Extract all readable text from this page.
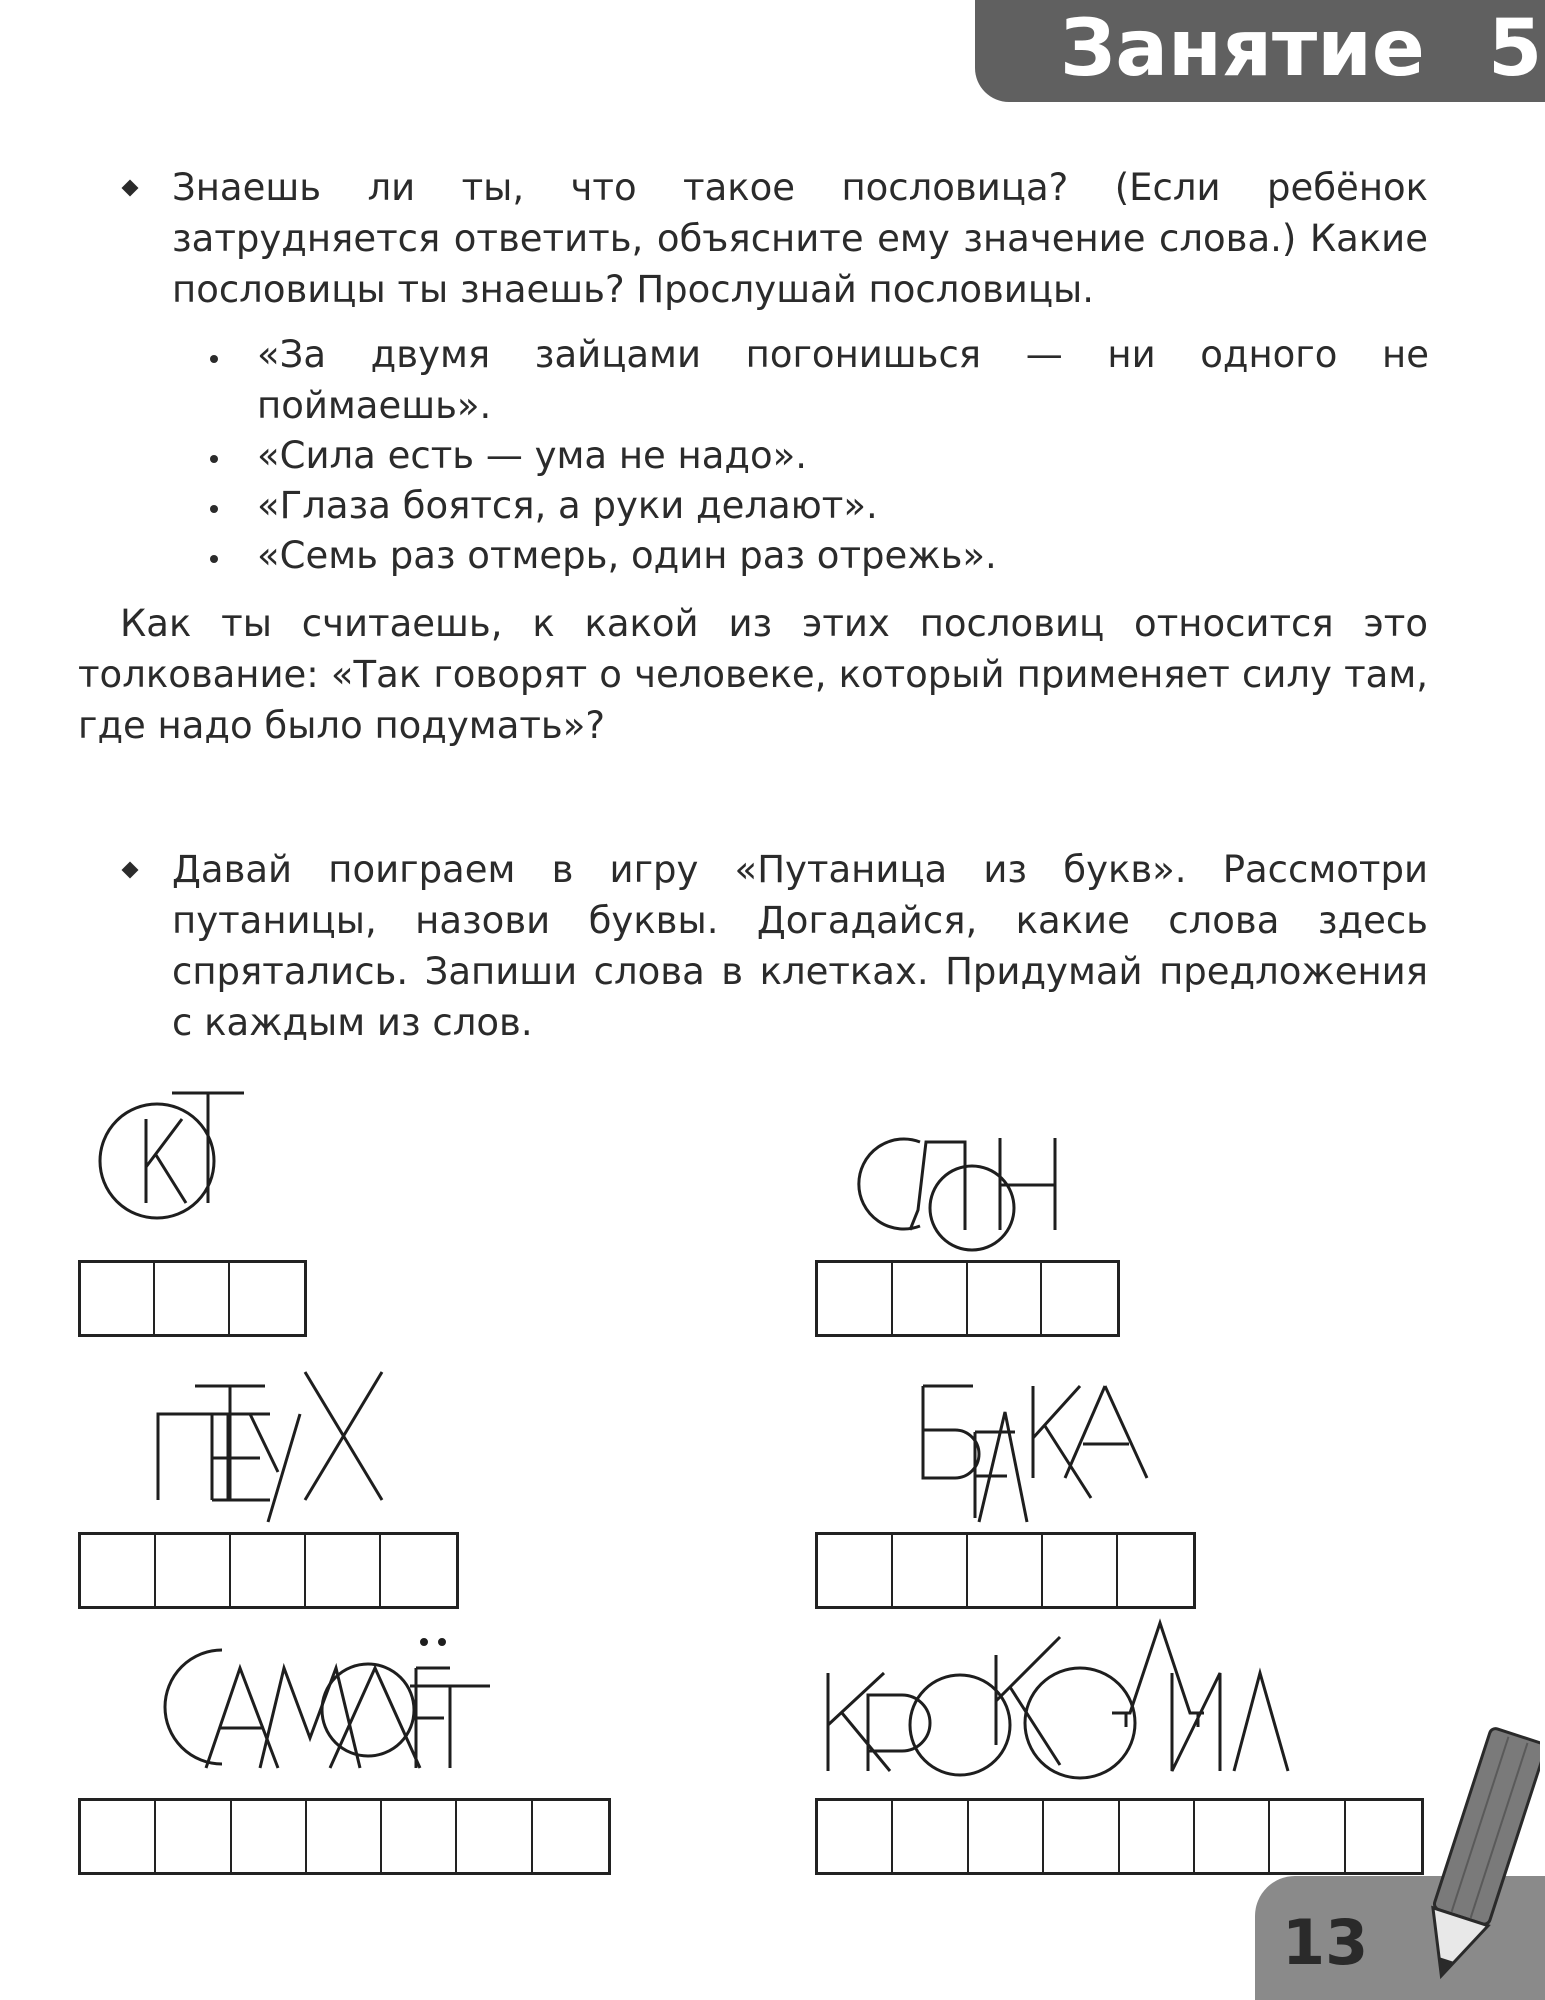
Занятие 5
Знаешь ли ты, что такое пословица? (Если ребёнок затрудняется ответить, объясните ему значение слова.) Какие пословицы ты знаешь? Прослушай пословицы.
«За двумя зайцами погонишься — ни одного не поймаешь».
«Сила есть — ума не надо».
«Глаза боятся, а руки делают».
«Семь раз отмерь, один раз отрежь».
Как ты считаешь, к какой из этих пословиц относится это толкование: «Так говорят о человеке, который применяет силу там, где надо было подумать»?
Давай поиграем в игру «Путаница из букв». Рассмотри путаницы, назови буквы. Догадайся, какие слова здесь спрятались. Запиши слова в клетках. Придумай предложения с каждым из слов.
13
